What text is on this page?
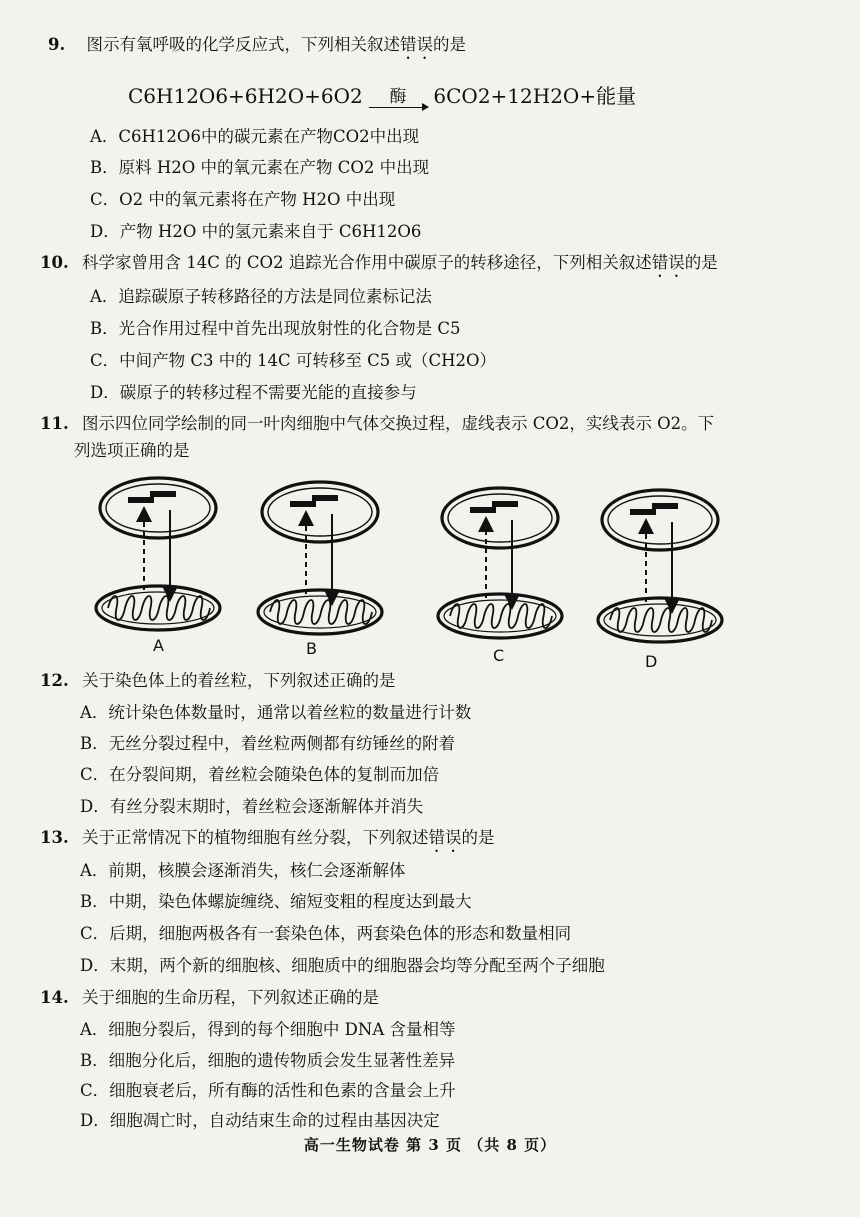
9. 图示有氧呼吸的化学反应式，下列相关叙述错误的是
C6H12O6+6H2O+6O2	酶	6CO2+12H2O+能量
A．C6H12O6中的碳元素在产物CO2中出现
B．原料 H2O 中的氧元素在产物 CO2 中出现
C．O2 中的氧元素将在产物 H2O 中出现
D．产物 H2O 中的氢元素来自于 C6H12O6
10. 科学家曾用含 14C 的 CO2 追踪光合作用中碳原子的转移途径，下列相关叙述错误的是
A．追踪碳原子转移路径的方法是同位素标记法
B．光合作用过程中首先出现放射性的化合物是 C5
C．中间产物 C3 中的 14C 可转移至 C5 或（CH2O）
D．碳原子的转移过程不需要光能的直接参与
11. 图示四位同学绘制的同一叶肉细胞中气体交换过程，虚线表示 CO2，实线表示 O2。下
列选项正确的是
A	B	C	D
12. 关于染色体上的着丝粒，下列叙述正确的是
A．统计染色体数量时，通常以着丝粒的数量进行计数
B．无丝分裂过程中，着丝粒两侧都有纺锤丝的附着
C．在分裂间期，着丝粒会随染色体的复制而加倍
D．有丝分裂末期时，着丝粒会逐渐解体并消失
13. 关于正常情况下的植物细胞有丝分裂，下列叙述错误的是
A．前期，核膜会逐渐消失，核仁会逐渐解体
B．中期，染色体螺旋缠绕、缩短变粗的程度达到最大
C．后期，细胞两极各有一套染色体，两套染色体的形态和数量相同
D．末期，两个新的细胞核、细胞质中的细胞器会均等分配至两个子细胞
14. 关于细胞的生命历程，下列叙述正确的是
A．细胞分裂后，得到的每个细胞中 DNA 含量相等
B．细胞分化后，细胞的遗传物质会发生显著性差异
C．细胞衰老后，所有酶的活性和色素的含量会上升
D．细胞凋亡时，自动结束生命的过程由基因决定
高一生物试卷 第 3 页 （共 8 页）
